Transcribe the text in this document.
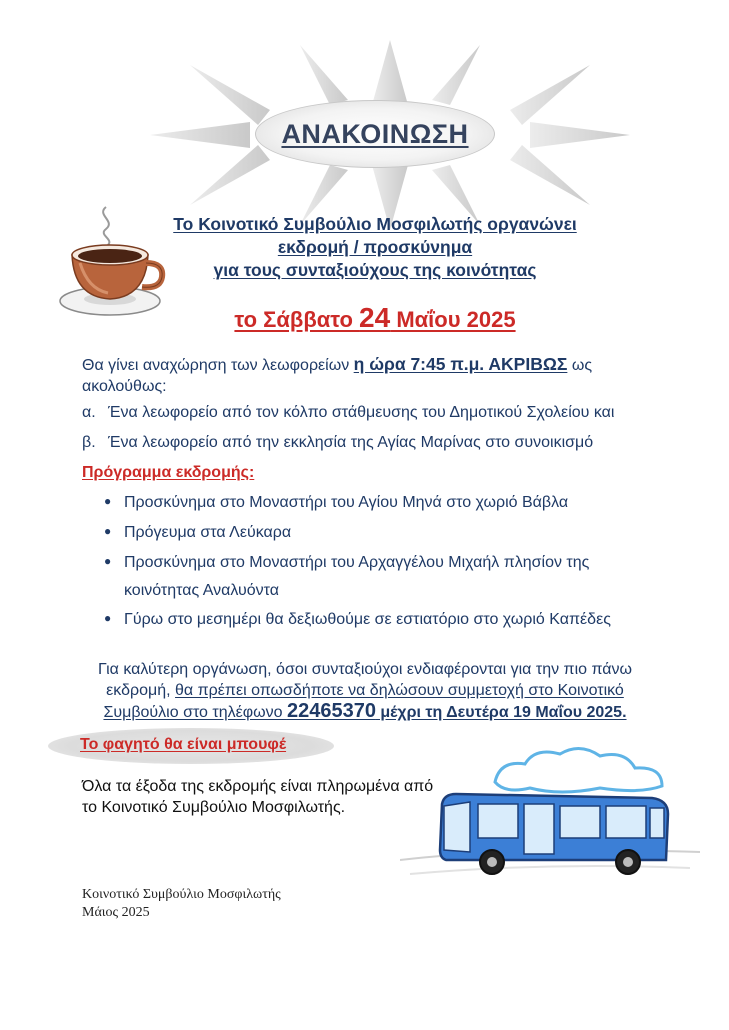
ΑΝΑΚΟΙΝΩΣΗ
Το Κοινοτικό Συμβούλιο Μοσφιλωτής οργανώνει
εκδρομή / προσκύνημα
για τους συνταξιούχους της κοινότητας
το Σάββατο 24 Μαΐου 2025
Θα γίνει αναχώρηση των λεωφορείων η ώρα 7:45 π.μ. ΑΚΡΙΒΩΣ ως ακολούθως:
α. Ένα λεωφορείο από τον κόλπο στάθμευσης του Δημοτικού Σχολείου και
β. Ένα λεωφορείο από την εκκλησία της Αγίας Μαρίνας στο συνοικισμό
Πρόγραμμα εκδρομής:
● Προσκύνημα στο Μοναστήρι του Αγίου Μηνά στο χωριό Βάβλα
● Πρόγευμα στα Λεύκαρα
● Προσκύνημα στο Μοναστήρι του Αρχαγγέλου Μιχαήλ πλησίον της
κοινότητας Αναλυόντα
● Γύρω στο μεσημέρι θα δεξιωθούμε σε εστιατόριο στο χωριό Καπέδες
Για καλύτερη οργάνωση, όσοι συνταξιούχοι ενδιαφέρονται για την πιο πάνω
εκδρομή, θα πρέπει οπωσδήποτε να δηλώσουν συμμετοχή στο Κοινοτικό
Συμβούλιο στο τηλέφωνο 22465370 μέχρι τη Δευτέρα 19 Μαΐου 2025.
Το φαγητό θα είναι μπουφέ
Όλα τα έξοδα της εκδρομής είναι πληρωμένα από
το Κοινοτικό Συμβούλιο Μοσφιλωτής.
Κοινοτικό Συμβούλιο Μοσφιλωτής
Μάιος 2025
